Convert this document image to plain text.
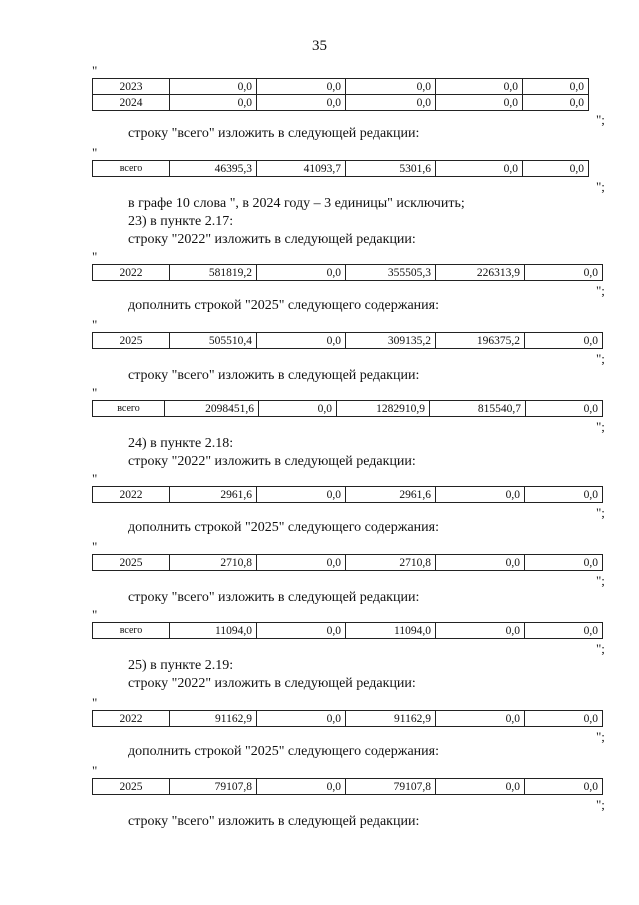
35
"
2023	0,0	0,0	0,0	0,0	0,0
2024	0,0	0,0	0,0	0,0	0,0
";
строку "всего" изложить в следующей редакции:
"
всего	46395,3	41093,7	5301,6	0,0	0,0
";
в графе 10 слова ", в 2024 году – 3 единицы" исключить;
23) в пункте 2.17:
строку "2022" изложить в следующей редакции:
"
2022	581819,2	0,0	355505,3	226313,9	0,0
";
дополнить строкой "2025" следующего содержания:
"
2025	505510,4	0,0	309135,2	196375,2	0,0
";
строку "всего" изложить в следующей редакции:
"
всего	2098451,6	0,0	1282910,9	815540,7	0,0
";
24) в пункте 2.18:
строку "2022" изложить в следующей редакции:
"
2022	2961,6	0,0	2961,6	0,0	0,0
";
дополнить строкой "2025" следующего содержания:
"
2025	2710,8	0,0	2710,8	0,0	0,0
";
строку "всего" изложить в следующей редакции:
"
всего	11094,0	0,0	11094,0	0,0	0,0
";
25) в пункте 2.19:
строку "2022" изложить в следующей редакции:
"
2022	91162,9	0,0	91162,9	0,0	0,0
";
дополнить строкой "2025" следующего содержания:
"
2025	79107,8	0,0	79107,8	0,0	0,0
";
строку "всего" изложить в следующей редакции:
